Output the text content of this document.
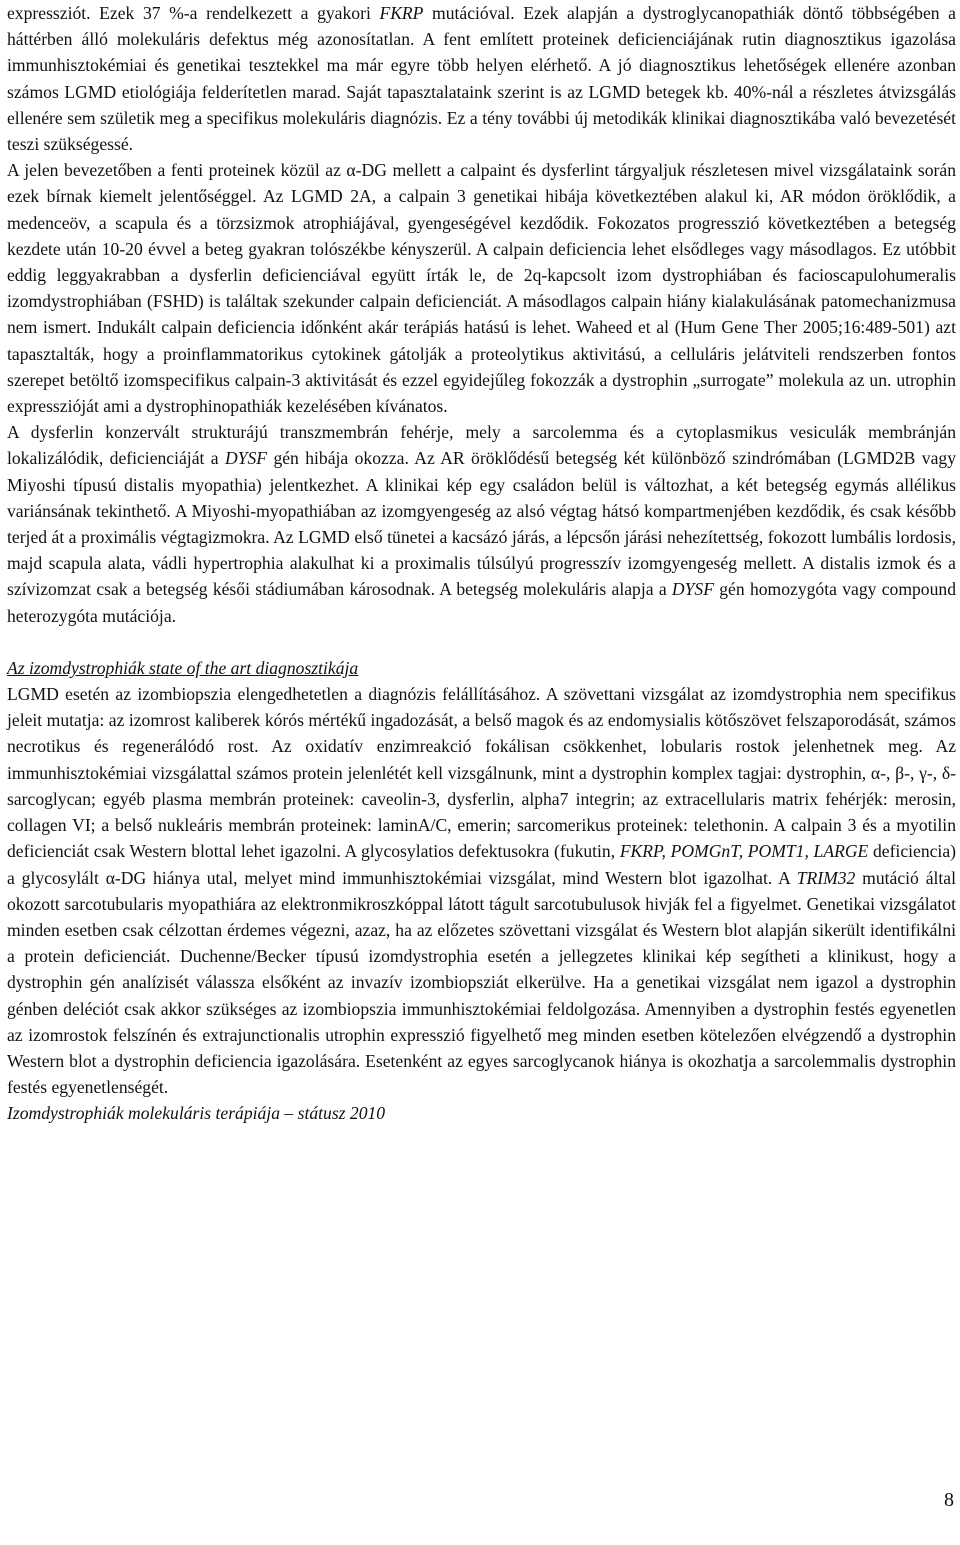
expressziót. Ezek 37 %-a rendelkezett a gyakori FKRP mutációval. Ezek alapján a dystroglycanopathiák döntő többségében a háttérben álló molekuláris defektus még azonosítatlan. A fent említett proteinek deficienciájának rutin diagnosztikus igazolása immunhisztokémiai és genetikai tesztekkel ma már egyre több helyen elérhető. A jó diagnosztikus lehetőségek ellenére azonban számos LGMD etiológiája felderítetlen marad. Saját tapasztalataink szerint is az LGMD betegek kb. 40%-nál a részletes átvizsgálás ellenére sem születik meg a specifikus molekuláris diagnózis. Ez a tény további új metodikák klinikai diagnosztikába való bevezetését teszi szükségessé.

A jelen bevezetőben a fenti proteinek közül az α-DG mellett a calpaint és dysferlint tárgyaljuk részletesen mivel vizsgálataink során ezek bírnak kiemelt jelentőséggel. Az LGMD 2A, a calpain 3 genetikai hibája következtében alakul ki, AR módon öröklődik, a medenceöv, a scapula és a törzsizmok atrophiájával, gyengeségével kezdődik. Fokozatos progresszió következtében a betegség kezdete után 10-20 évvel a beteg gyakran tolószékbe kényszerül. A calpain deficiencia lehet elsődleges vagy másodlagos. Ez utóbbit eddig leggyakrabban a dysferlin deficienciával együtt írták le, de 2q-kapcsolt izom dystrophiában és facioscapulohumeralis izomdystrophiában (FSHD) is találtak szekunder calpain deficienciát. A másodlagos calpain hiány kialakulásának patomechanizmusa nem ismert. Indukált calpain deficiencia időnként akár terápiás hatású is lehet. Waheed et al (Hum Gene Ther 2005;16:489-501) azt tapasztalták, hogy a proinflammatorikus cytokinek gátolják a proteolytikus aktivitású, a celluláris jelátviteli rendszerben fontos szerepet betöltő izomspecifikus calpain-3 aktivitását és ezzel egyidejűleg fokozzák a dystrophin „surrogate” molekula az un. utrophin expresszióját ami a dystrophinopathiák kezelésében kívánatos.

A dysferlin konzervált strukturájú transzmembrán fehérje, mely a sarcolemma és a cytoplasmikus vesiculák membránján lokalizálódik, deficienciáját a DYSF gén hibája okozza. Az AR öröklődésű betegség két különböző szindrómában (LGMD2B vagy Miyoshi típusú distalis myopathia) jelentkezhet. A klinikai kép egy családon belül is változhat, a két betegség egymás allélikus variánsának tekinthető. A Miyoshi-myopathiában az izomgyengeség az alsó végtag hátsó kompartmenjében kezdődik, és csak később terjed át a proximális végtagizmokra. Az LGMD első tünetei a kacsázó járás, a lépcsőn járási nehezítettség, fokozott lumbális lordosis, majd scapula alata, vádli hypertrophia alakulhat ki a proximalis túlsúlyú progresszív izomgyengeség mellett. A distalis izmok és a szívizomzat csak a betegség késői stádiumában károsodnak. A betegség molekuláris alapja a DYSF gén homozygóta vagy compound heterozygóta mutációja.

Az izomdystrophiák state of the art diagnosztikája

LGMD esetén az izombiopszia elengedhetetlen a diagnózis felállításához. A szövettani vizsgálat az izomdystrophia nem specifikus jeleit mutatja: az izomrost kaliberek kórós mértékű ingadozását, a belső magok és az endomysialis kötőszövet felszaporodását, számos necrotikus és regenerálódó rost. Az oxidatív enzimreakció fokálisan csökkenhet, lobularis rostok jelenhetnek meg. Az immunhisztokémiai vizsgálattal számos protein jelenlétét kell vizsgálnunk, mint a dystrophin komplex tagjai: dystrophin, α-, β-, γ-, δ-sarcoglycan; egyéb plasma membrán proteinek: caveolin-3, dysferlin, alpha7 integrin; az extracellularis matrix fehérjék: merosin, collagen VI; a belső nukleáris membrán proteinek: laminA/C, emerin; sarcomerikus proteinek: telethonin. A calpain 3 és a myotilin deficienciát csak Western blottal lehet igazolni. A glycosylatios defektusokra (fukutin, FKRP, POMGnT, POMT1, LARGE deficiencia) a glycosylált α-DG hiánya utal, melyet mind immunhisztokémiai vizsgálat, mind Western blot igazolhat. A TRIM32 mutáció által okozott sarcotubularis myopathiára az elektronmikroszkóppal látott tágult sarcotubulusok hivják fel a figyelmet. Genetikai vizsgálatot minden esetben csak célzottan érdemes végezni, azaz, ha az előzetes szövettani vizsgálat és Western blot alapján sikerült identifikálni a protein deficienciát. Duchenne/Becker típusú izomdystrophia esetén a jellegzetes klinikai kép segítheti a klinikust, hogy a dystrophin gén analízisét válassza elsőként az invazív izombiopsziát elkerülve. Ha a genetikai vizsgálat nem igazol a dystrophin génben deléciót csak akkor szükséges az izombiopszia immunhisztokémiai feldolgozása. Amennyiben a dystrophin festés egyenetlen az izomrostok felszínén és extrajunctionalis utrophin expresszió figyelhető meg minden esetben kötelezően elvégzendő a dystrophin Western blot a dystrophin deficiencia igazolására. Esetenként az egyes sarcoglycanok hiánya is okozhatja a sarcolemmalis dystrophin festés egyenetlenségét.

Izomdystrophiák molekuláris terápiája – státusz 2010

8
